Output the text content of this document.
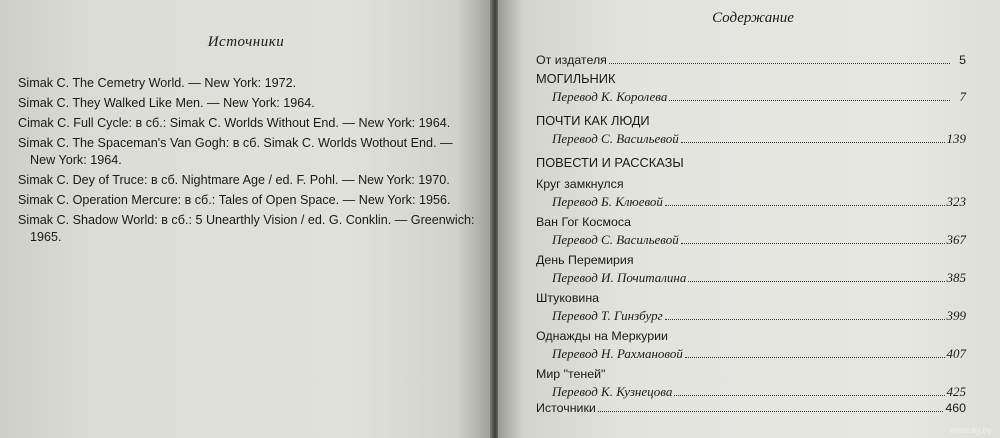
Источники
Simak C. The Cemetry World. — New York: 1972.
Simak C. They Walked Like Men. — New York: 1964.
Cimak C. Full Cycle: в сб.: Simak C. Worlds Without End. — New York: 1964.
Simak C. The Spaceman's Van Gogh: в сб. Simak C. Worlds Wothout End. — New York: 1964.
Simak C. Dey of Truce: в сб. Nightmare Age / ed. F. Pohl. — New York: 1970.
Simak C. Operation Mercure: в сб.: Tales of Open Space. — New York: 1956.
Simak C. Shadow World: в сб.: 5 Unearthly Vision / ed. G. Conklin. — Greenwich: 1965.
Содержание
От издателя	5
МОГИЛЬНИК
Перевод К. Королева	7
ПОЧТИ КАК ЛЮДИ
Перевод С. Васильевой	139
ПОВЕСТИ И РАССКАЗЫ
Круг замкнулся
Перевод Б. Клюевой	323
Ван Гог Космоса
Перевод С. Васильевой	367
День Перемирия
Перевод И. Почиталина	385
Штуковина
Перевод Т. Гинзбург	399
Однажды на Меркурии
Перевод Н. Рахмановой	407
Мир "теней"
Перевод К. Кузнецова	425
Источники	460
www.ay.by
